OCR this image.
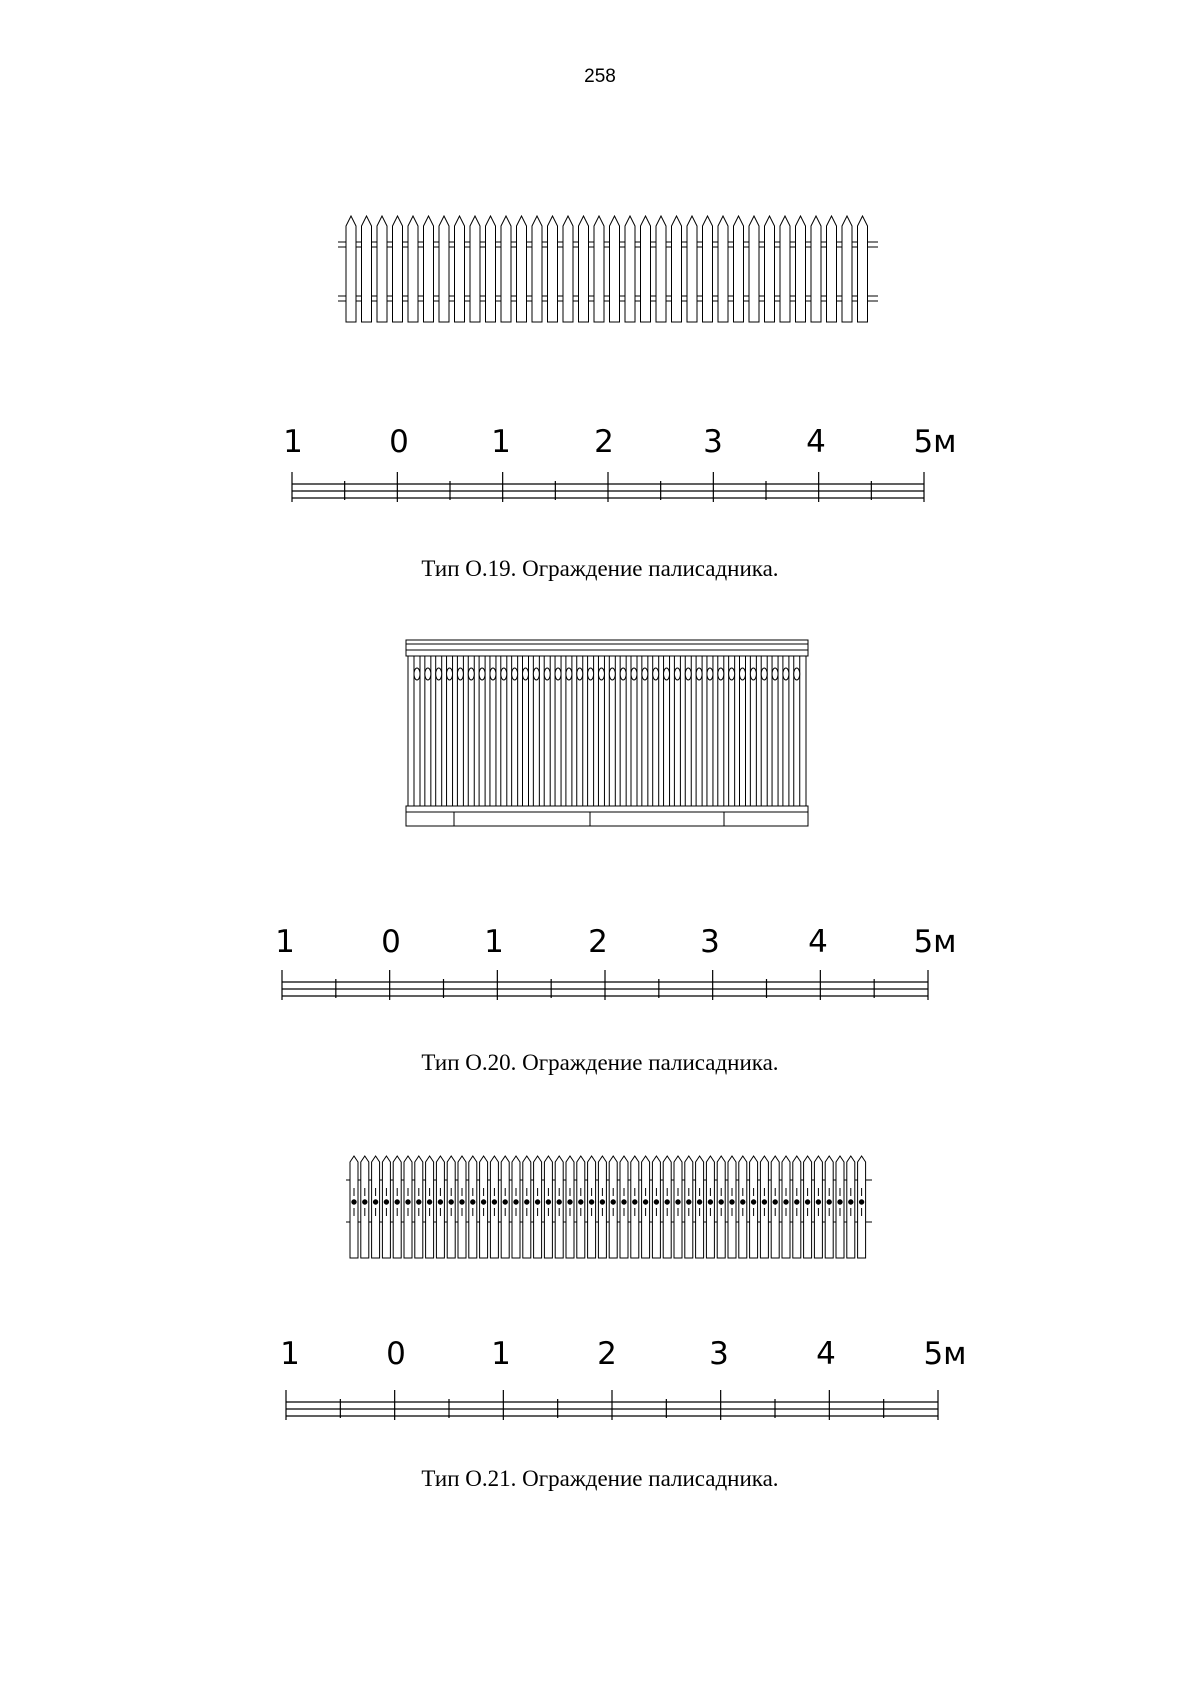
258
1	0	1	2	3	4	5м
Тип О.19. Ограждение палисадника.
1	0	1	2	3	4	5м
Тип О.20. Ограждение палисадника.
1	0	1	2	3	4	5м
Тип О.21. Ограждение палисадника.
